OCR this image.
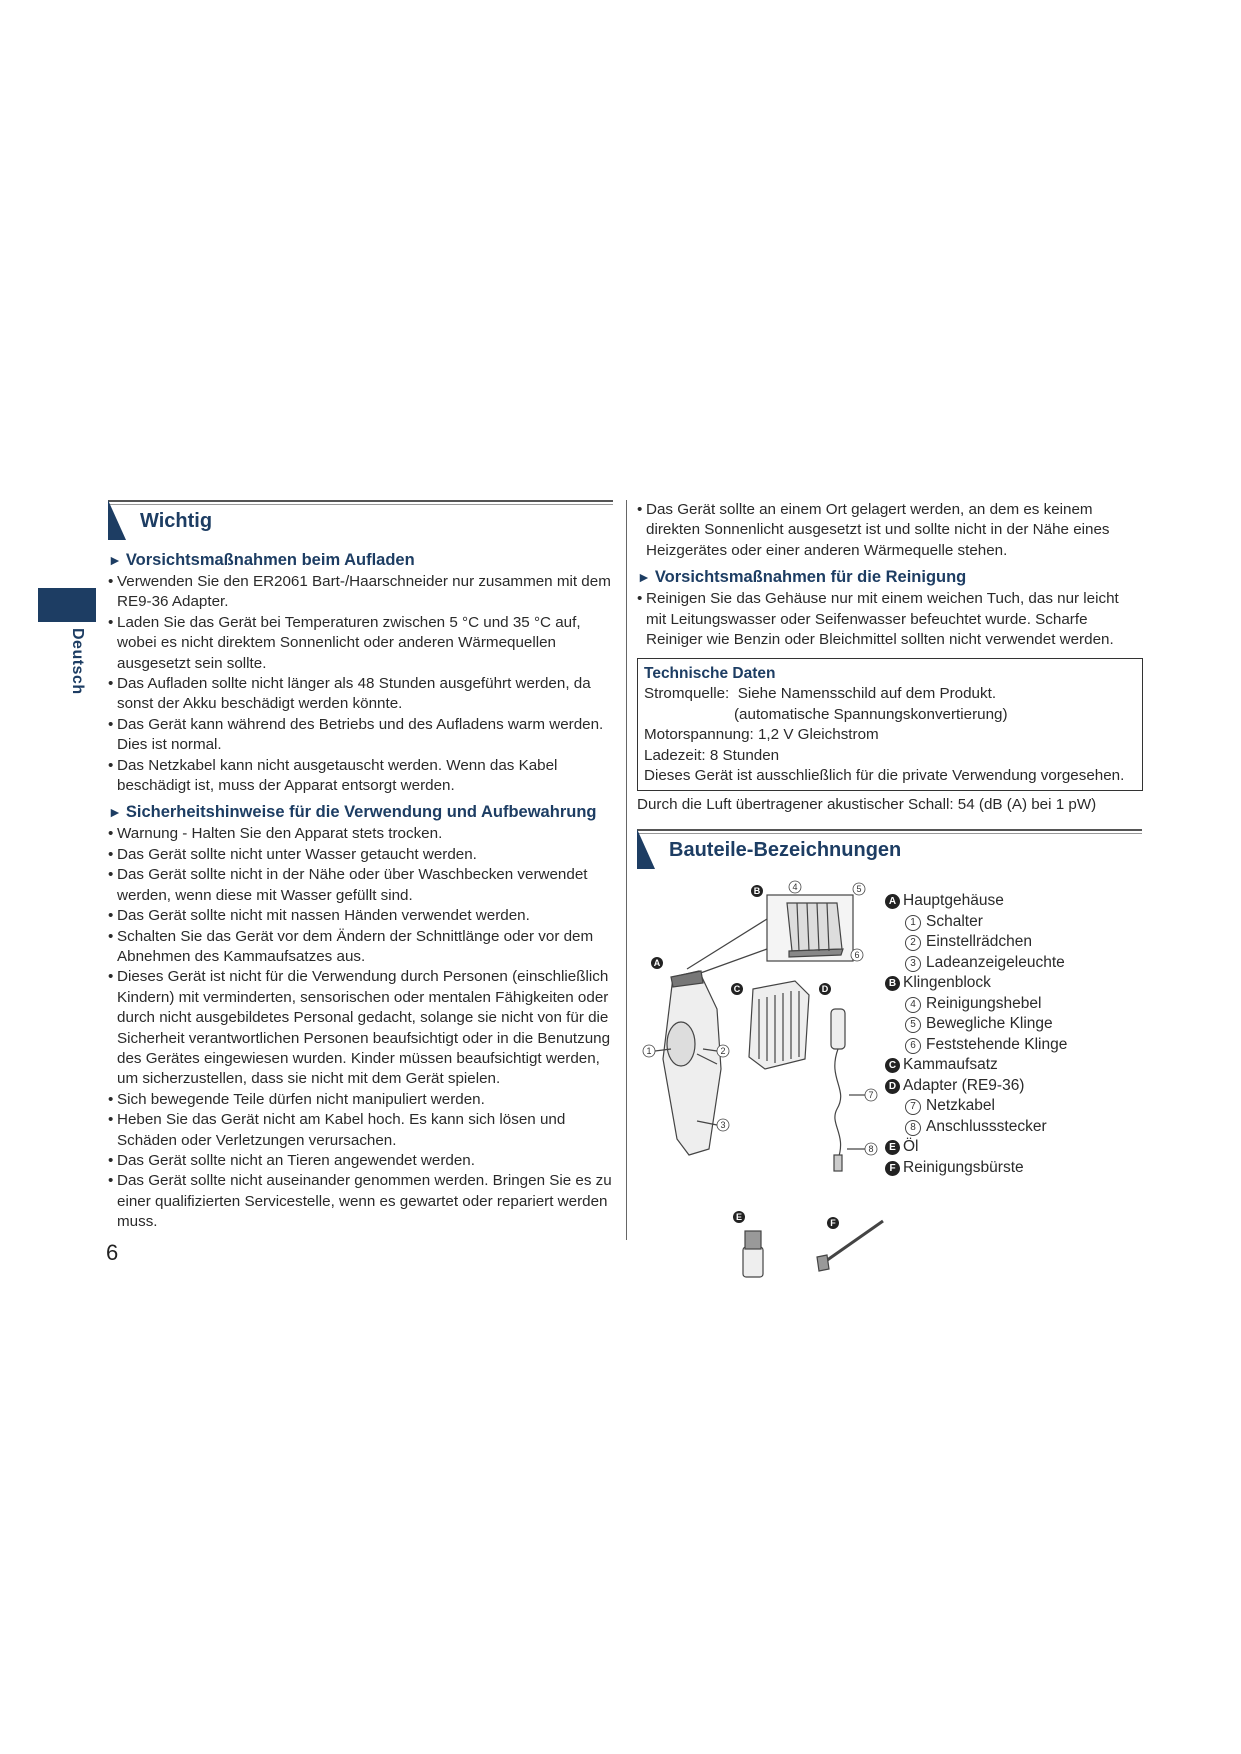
Deutsch
Wichtig
► Vorsichtsmaßnahmen beim Aufladen
• Verwenden Sie den ER2061 Bart-/Haarschneider nur zusammen mit dem RE9-36 Adapter.
• Laden Sie das Gerät bei Temperaturen zwischen 5 °C und 35 °C auf, wobei es nicht direktem Sonnenlicht oder anderen Wärmequellen ausgesetzt sein sollte.
• Das Aufladen sollte nicht länger als 48 Stunden ausgeführt werden, da sonst der Akku beschädigt werden könnte.
• Das Gerät kann während des Betriebs und des Aufladens warm werden. Dies ist normal.
• Das Netzkabel kann nicht ausgetauscht werden. Wenn das Kabel beschädigt ist, muss der Apparat entsorgt werden.
► Sicherheitshinweise für die Verwendung und Aufbewahrung
• Warnung - Halten Sie den Apparat stets trocken.
• Das Gerät sollte nicht unter Wasser getaucht werden.
• Das Gerät sollte nicht in der Nähe oder über Waschbecken verwendet werden, wenn diese mit Wasser gefüllt sind.
• Das Gerät sollte nicht mit nassen Händen verwendet werden.
• Schalten Sie das Gerät vor dem Ändern der Schnittlänge oder vor dem Abnehmen des Kammaufsatzes aus.
• Dieses Gerät ist nicht für die Verwendung durch Personen (einschließlich Kindern) mit verminderten, sensorischen oder mentalen Fähigkeiten oder durch nicht ausgebildetes Personal gedacht, solange sie nicht von für die Sicherheit verantwortlichen Personen beaufsichtigt oder in die Benutzung des Gerätes eingewiesen wurden. Kinder müssen beaufsichtigt werden, um sicherzustellen, dass sie nicht mit dem Gerät spielen.
• Sich bewegende Teile dürfen nicht manipuliert werden.
• Heben Sie das Gerät nicht am Kabel hoch. Es kann sich lösen und Schäden oder Verletzungen verursachen.
• Das Gerät sollte nicht an Tieren angewendet werden.
• Das Gerät sollte nicht auseinander genommen werden. Bringen Sie es zu einer qualifizierten Servicestelle, wenn es gewartet oder repariert werden muss.
6
• Das Gerät sollte an einem Ort gelagert werden, an dem es keinem direkten Sonnenlicht ausgesetzt ist und sollte nicht in der Nähe eines Heizgerätes oder einer anderen Wärmequelle stehen.
► Vorsichtsmaßnahmen für die Reinigung
• Reinigen Sie das Gehäuse nur mit einem weichen Tuch, das nur leicht mit Leitungswasser oder Seifenwasser befeuchtet wurde. Scharfe Reiniger wie Benzin oder Bleichmittel sollten nicht verwendet werden.
Technische Daten
Stromquelle: Siehe Namensschild auf dem Produkt.
(automatische Spannungskonvertierung)
Motorspannung: 1,2 V Gleichstrom
Ladezeit: 8 Stunden
Dieses Gerät ist ausschließlich für die private Verwendung vorgesehen.
Durch die Luft übertragener akustischer Schall: 54 (dB (A) bei 1 pW)
Bauteile-Bezeichnungen
A
B
C	D
E
F
1	2
3
4	5
6
7
8
A Hauptgehäuse
1 Schalter
2 Einstellrädchen
3 Ladeanzeigeleuchte
B Klingenblock
4 Reinigungshebel
5 Bewegliche Klinge
6 Feststehende Klinge
C Kammaufsatz
D Adapter (RE9-36)
7 Netzkabel
8 Anschlussstecker
E Öl
F Reinigungsbürste
